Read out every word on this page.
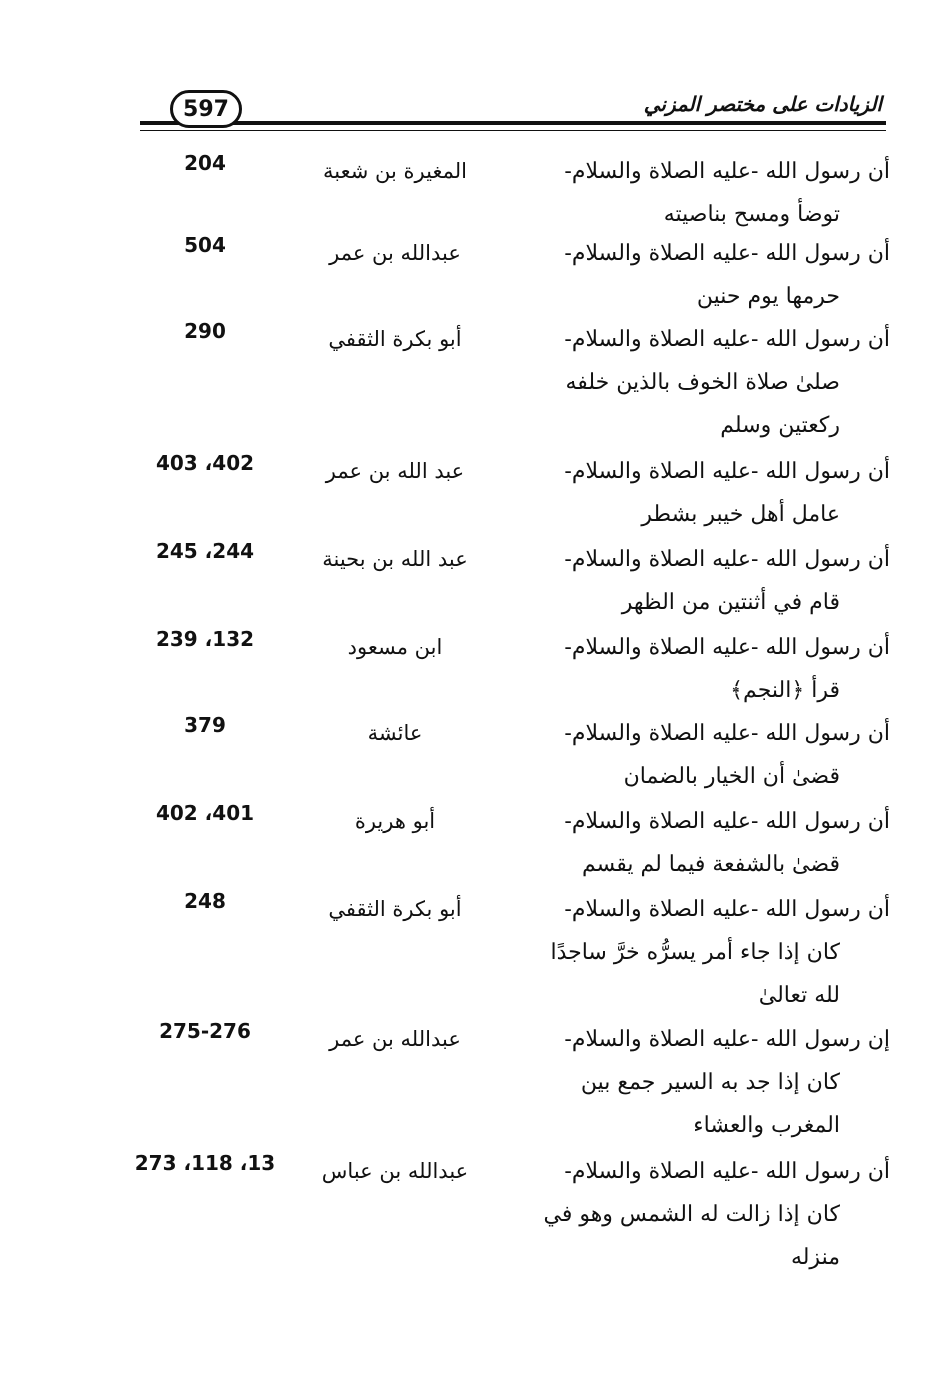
597	الزيادات على مختصر المزني
أن رسول الله -عليه الصلاة والسلام-
توضأ ومسح بناصيته
المغيرة بن شعبة
204
أن رسول الله -عليه الصلاة والسلام-
حرمها يوم حنين
عبدالله بن عمر
504
أن رسول الله -عليه الصلاة والسلام-
صلىٰ صلاة الخوف بالذين خلفه
ركعتين وسلم
أبو بكرة الثقفي
290
أن رسول الله -عليه الصلاة والسلام-
عامل أهل خيبر بشطر
عبد الله بن عمر
402، 403
أن رسول الله -عليه الصلاة والسلام-
قام في أثنتين من الظهر
عبد الله بن بحينة
244، 245
أن رسول الله -عليه الصلاة والسلام-
قرأ ﴿النجم﴾
ابن مسعود
132، 239
أن رسول الله -عليه الصلاة والسلام-
قضىٰ أن الخيار بالضمان
عائشة
379
أن رسول الله -عليه الصلاة والسلام-
قضىٰ بالشفعة فيما لم يقسم
أبو هريرة
401، 402
أن رسول الله -عليه الصلاة والسلام-
كان إذا جاء أمر يسرُّه خرَّ ساجدًا
لله تعالىٰ
أبو بكرة الثقفي
248
إن رسول الله -عليه الصلاة والسلام-
كان إذا جد به السير جمع بين
المغرب والعشاء
عبدالله بن عمر
275-276
أن رسول الله -عليه الصلاة والسلام-
كان إذا زالت له الشمس وهو في
منزله
عبدالله بن عباس
13، 118، 273
